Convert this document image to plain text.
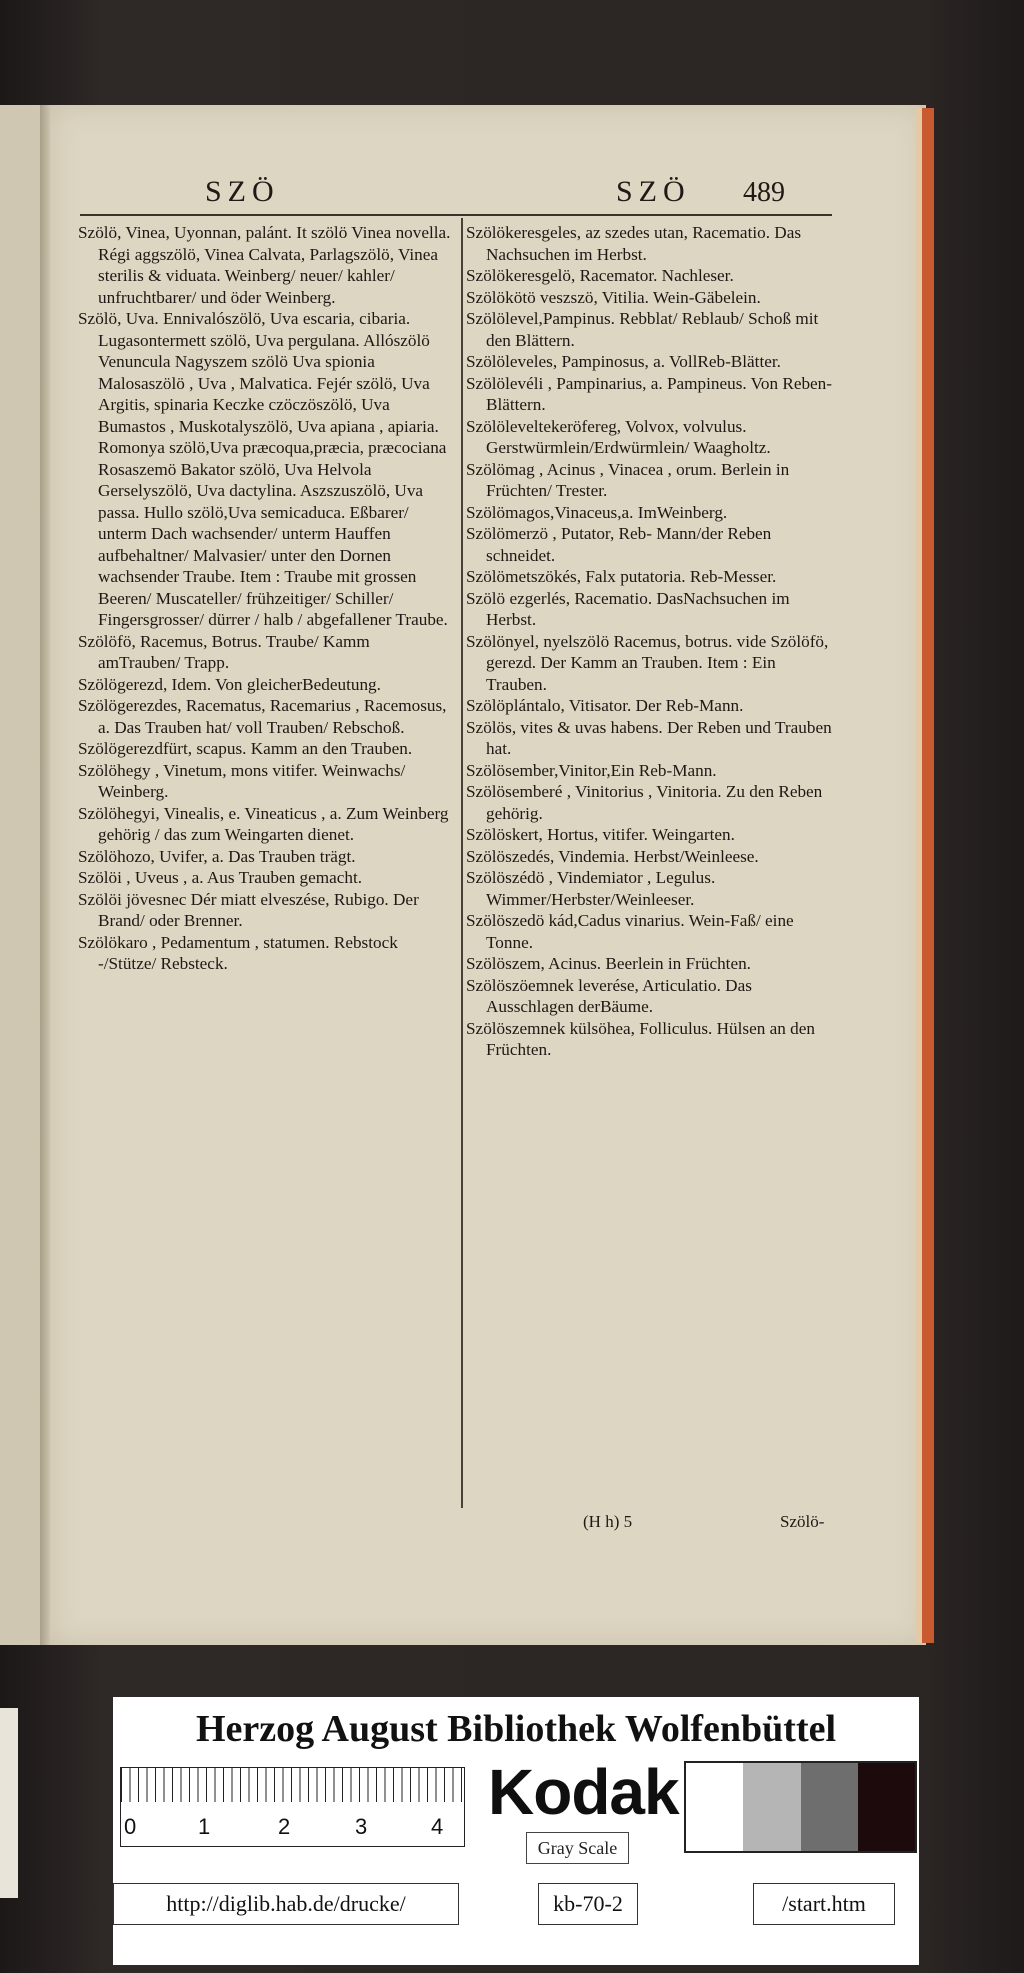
SZÖ	SZÖ 489

Szölö, Vinea, Uyonnan, palánt. It szölö Vinea novella. Régi aggszölö, Vinea Calvata, Parlagszölö, Vinea sterilis & viduata. Weinberg/ neuer/ kahler/ unfruchtbarer/ und öder Weinberg.

Szölö, Uva. Ennivalószölö, Uva escaria, cibaria. Lugasontermett szölö, Uva pergulana. Allószölö Venunculа Nagyszem szölö Uva spionia Malosaszölö , Uva , Malvatica. Fejér szölö, Uva Argitis, spinaria Keczke czöczöszölö, Uva Bumastos , Muskotalyszölö, Uva apiana , apiaria. Romonya szölö,Uva præcoqua,præcia, præcociana Rosaszemö Bakator szölö, Uva Helvola Gerselyszölö, Uva dactylina. Aszszuszölö, Uva passa. Hullo szölö,Uva semicaduca. Eßbarer/ unterm Dach wachsender/ unterm Hauffen aufbehaltner/ Malvasier/ unter den Dornen wachsender Traube. Item : Traube mit grossen Beeren/ Muscateller/ frühzeitiger/ Schiller/ Fingersgrosser/ dürrer / halb / abgefallener Traube.

Szölöfö, Racemus, Botrus. Traube/ Kamm amTrauben/ Trapp.

Szölögerezd, Idem. Von gleicherBedeutung.

Szölögerezdes, Racematus, Racemarius , Racemosus, a. Das Trauben hat/ voll Trauben/ Rebschoß.

Szölögerezdfürt, scapus. Kamm an den Trauben.

Szölöhegy , Vinetum, mons vitifer. Weinwachs/ Weinberg.

Szölöhegyi, Vinealis, e. Vineaticus , a. Zum Weinberg gehörig / das zum Weingarten dienet.

Szölöhozo, Uvifer, a. Das Trauben trägt.

Szölöi , Uveus , a. Aus Trauben gemacht.

Szölöi jövesnec Dér miatt elveszése, Rubigo. Der Brand/ oder Brenner.

Szölökaro , Pedamentum , statumen. Rebstock -/Stütze/ Rebsteck.

Szölökeresgeles, az szedes utan, Racematio. Das Nachsuchen im Herbst.

Szölökeresgelö, Racemator. Nachleser.

Szölökötö veszszö, Vitilia. Wein-Gäbelein.

Szölölevel,Pampinus. Rebblat/ Reblaub/ Schoß mit den Blättern.

Szölöleveles, Pampinosus, a. VollReb-Blätter.

Szölölevéli , Pampinarius, a. Pampineus. Von Reben-Blättern.

Szölöleveltekeröfereg, Volvox, volvulus. Gerstwürmlein/Erdwürmlein/ Waagholtz.

Szölömag , Acinus , Vinacea , orum. Berlein in Früchten/ Trester.

Szölömagos,Vinaceus,a. ImWeinberg.

Szölömerzö , Putator, Reb- Mann/der Reben schneidet.

Szölömetszökés, Falx putatoria. Reb-Messer.

Szölö ezgerlés, Racematio. DasNachsuchen im Herbst.

Szölönyel, nyelszölö Racemus, botrus. vide Szölöfö, gerezd. Der Kamm an Trauben. Item : Ein Trauben.

Szölöplántalo, Vitisator. Der Reb-Mann.

Szölös, vites & uvas habens. Der Reben und Trauben hat.

Szölösember,Vinitor,Ein Reb-Mann.

Szölösemberé , Vinitorius , Vinitoria. Zu den Reben gehörig.

Szölöskert, Hortus, vitifer. Weingarten.

Szölöszedés, Vindemia. Herbst/Weinleese.

Szölöszédö , Vindemiator , Legulus. Wimmer/Herbster/Weinleeser.

Szölöszedö kád,Cadus vinarius. Wein-Faß/ eine Tonne.

Szölöszem, Acinus. Beerlein in Früchten.

Szölöszöemnek leverése, Articulatio. Das Ausschlagen derBäume.

Szölöszemnek külsöhea, Folliculus. Hülsen an den Früchten.

(H h) 5	Szölö-
Herzog August Bibliothek Wolfenbüttel
0	1	2	3	4 Kodak
Gray Scale
http://diglib.hab.de/drucke/	kb-70-2	/start.htm
